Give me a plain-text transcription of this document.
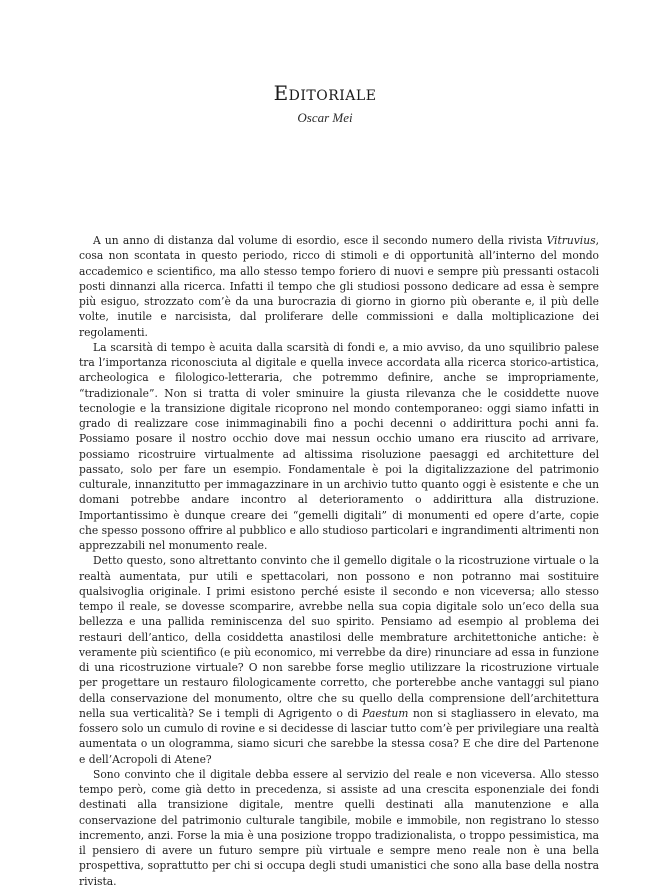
Editoriale
Oscar Mei

A un anno di distanza dal volume di esordio, esce il secondo numero della rivista Vitruvius, cosa non scontata in questo periodo, ricco di stimoli e di opportunità all’interno del mondo accademico e scientifico, ma allo stesso tempo foriero di nuovi e sempre più pressanti ostacoli posti dinnanzi alla ricerca. Infatti il tempo che gli studiosi possono dedicare ad essa è sempre più esiguo, strozzato com’è da una burocrazia di giorno in giorno più oberante e, il più delle volte, inutile e narcisista, dal proliferare delle commissioni e dalla moltiplicazione dei regolamenti.

La scarsità di tempo è acuita dalla scarsità di fondi e, a mio avviso, da uno squilibrio palese tra l’importanza riconosciuta al digitale e quella invece accordata alla ricerca storico-artistica, archeologica e filologico-letteraria, che potremmo definire, anche se impropriamente, “tradizionale”. Non si tratta di voler sminuire la giusta rilevanza che le cosiddette nuove tecnologie e la transizione digitale ricoprono nel mondo contemporaneo: oggi siamo infatti in grado di realizzare cose inimmaginabili fino a pochi decenni o addirittura pochi anni fa. Possiamo posare il nostro occhio dove mai nessun occhio umano era riuscito ad arrivare, possiamo ricostruire virtualmente ad altissima risoluzione paesaggi ed architetture del passato, solo per fare un esempio. Fondamentale è poi la digitalizzazione del patrimonio culturale, innanzitutto per immagazzinare in un archivio tutto quanto oggi è esistente e che un domani potrebbe andare incontro al deterioramento o addirittura alla distruzione. Importantissimo è dunque creare dei “gemelli digitali” di monumenti ed opere d’arte, copie che spesso possono offrire al pubblico e allo studioso particolari e ingrandimenti altrimenti non apprezzabili nel monumento reale.

Detto questo, sono altrettanto convinto che il gemello digitale o la ricostruzione virtuale o la realtà aumentata, pur utili e spettacolari, non possono e non potranno mai sostituire qualsivoglia originale. I primi esistono perché esiste il secondo e non viceversa; allo stesso tempo il reale, se dovesse scomparire, avrebbe nella sua copia digitale solo un’eco della sua bellezza e una pallida reminiscenza del suo spirito. Pensiamo ad esempio al problema dei restauri dell’antico, della cosiddetta anastilosi delle membrature architettoniche antiche: è veramente più scientifico (e più economico, mi verrebbe da dire) rinunciare ad essa in funzione di una ricostruzione virtuale? O non sarebbe forse meglio utilizzare la ricostruzione virtuale per progettare un restauro filologicamente corretto, che porterebbe anche vantaggi sul piano della conservazione del monumento, oltre che su quello della comprensione dell’architettura nella sua verticalità? Se i templi di Agrigento o di Paestum non si stagliassero in elevato, ma fossero solo un cumulo di rovine e si decidesse di lasciar tutto com’è per privilegiare una realtà aumentata o un ologramma, siamo sicuri che sarebbe la stessa cosa? E che dire del Partenone e dell’Acropoli di Atene?

Sono convinto che il digitale debba essere al servizio del reale e non viceversa. Allo stesso tempo però, come già detto in precedenza, si assiste ad una crescita esponenziale dei fondi destinati alla transizione digitale, mentre quelli destinati alla manutenzione e alla conservazione del patrimonio culturale tangibile, mobile e immobile, non registrano lo stesso incremento, anzi. Forse la mia è una posizione troppo tradizionalista, o troppo pessimistica, ma il pensiero di avere un futuro sempre più virtuale e sempre meno reale non è una bella prospettiva, soprattutto per chi si occupa degli studi umanistici che sono alla base della nostra rivista.
